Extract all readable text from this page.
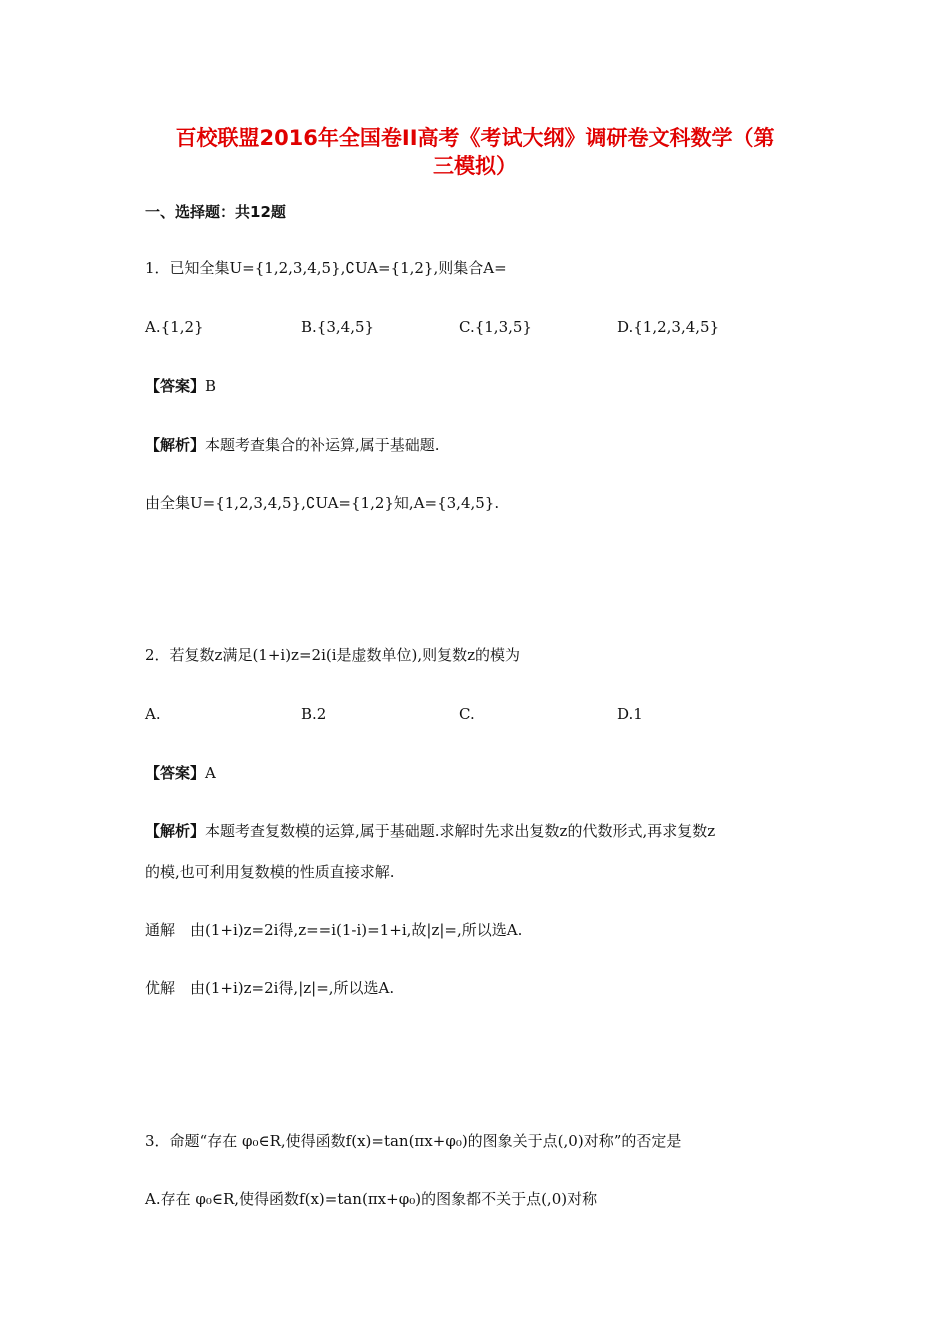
百校联盟2016年全国卷II高考《考试大纲》调研卷文科数学（第
三模拟）
一、选择题：共12题
1．已知全集U={1,2,3,4,5},∁UA={1,2},则集合A=
A.{1,2}	B.{3,4,5}	C.{1,3,5}	D.{1,2,3,4,5}
【答案】B
【解析】本题考查集合的补运算,属于基础题.
由全集U={1,2,3,4,5},∁UA={1,2}知,A={3,4,5}.
2．若复数z满足(1+i)z=2i(i是虚数单位),则复数z的模为
A.	B.2	C.	D.1
【答案】A
【解析】本题考查复数模的运算,属于基础题.求解时先求出复数z的代数形式,再求复数z
的模,也可利用复数模的性质直接求解.
通解　由(1+i)z=2i得,z==i(1-i)=1+i,故|z|=,所以选A.
优解　由(1+i)z=2i得,|z|=,所以选A.
3．命题“存在 φ₀∈R,使得函数f(x)=tan(πx+φ₀)的图象关于点(,0)对称”的否定是
A.存在 φ₀∈R,使得函数f(x)=tan(πx+φ₀)的图象都不关于点(,0)对称
